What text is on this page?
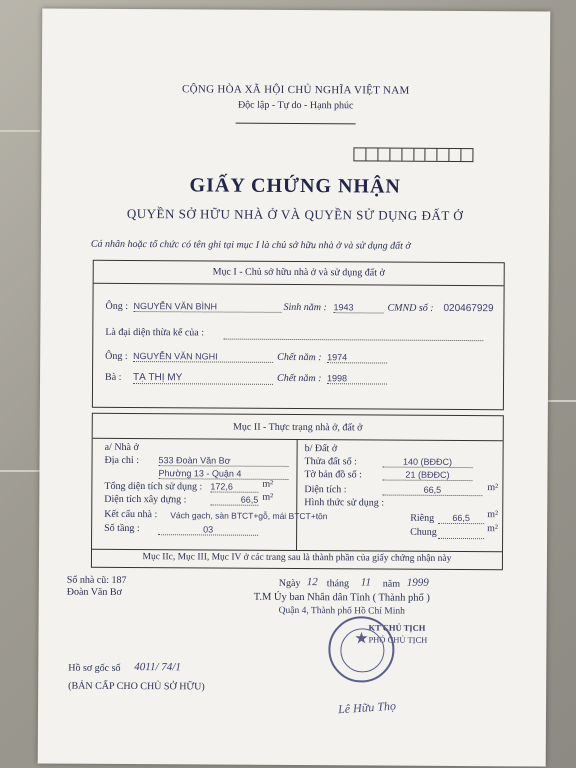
CỘNG HÒA XÃ HỘI CHỦ NGHĨA VIỆT NAM
Độc lập - Tự do - Hạnh phúc
GIẤY CHỨNG NHẬN
QUYỀN SỞ HỮU NHÀ Ở VÀ QUYỀN SỬ DỤNG ĐẤT Ở
Cá nhân hoặc tổ chức có tên ghi tại mục I là chủ sở hữu nhà ở và sử dụng đất ở
Mục I - Chủ sở hữu nhà ở và sử dụng đất ở
Ông : NGUYỄN VĂN BÌNH	Sinh năm : 1943	CMND số : 020467929
Là đại diện thừa kế của :
Ông : NGUYỄN VĂN NGHI	Chết năm : 1974
Bà : TẠ THỊ MY	Chết năm : 1998
Mục II - Thực trạng nhà ở, đất ở
Mục IIc, Mục III, Mục IV ở các trang sau là thành phần của giấy chứng nhận này
a/ Nhà ở
Địa chỉ : 533 Đoàn Văn Bơ
Phường 13 - Quận 4
Tổng diện tích sử dụng : 172,6	m²
Diện tích xây dựng :	66,5 m²
Kết cấu nhà : Vách gạch, sàn BTCT+gỗ, mái BTCT+tôn
Số tầng :	03
b/ Đất ở
Thửa đất số :	140 (BĐĐC)
Tờ bản đồ số :	21 (BĐĐC)
Diện tích :	66,5	m²
Hình thức sử dụng :
Riêng	66,5	m²
Chung	m²
Số nhà cũ: 187
Đoàn Văn Bơ
Hồ sơ gốc số 4011/ 74/1
(BẢN CẤP CHO CHỦ SỞ HỮU)
Ngày 12 tháng 11 năm 1999
T.M Ủy ban Nhân dân Tỉnh ( Thành phố )
Quận 4, Thành phố Hồ Chí Minh
KT CHỦ TỊCH
PHÓ CHỦ TỊCH
★
Lê Hữu Thọ
